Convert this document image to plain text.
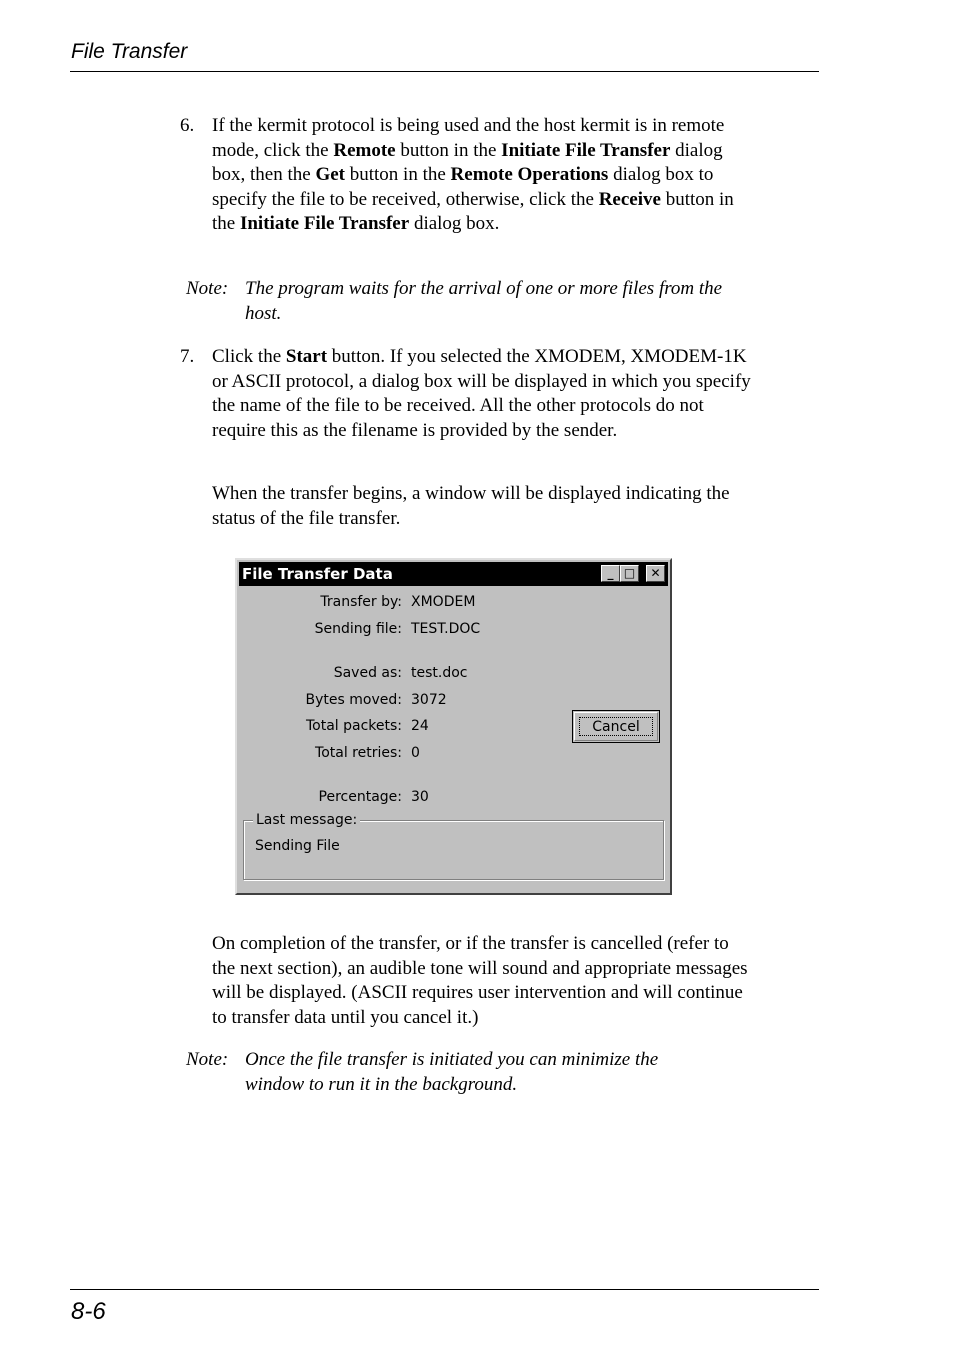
File Transfer
6. If the kermit protocol is being used and the host kermit is in remote mode, click the Remote button in the Initiate File Transfer dialog box, then the Get button in the Remote Operations dialog box to specify the file to be received, otherwise, click the Receive button in the Initiate File Transfer dialog box.
Note: The program waits for the arrival of one or more files from the host.
7. Click the Start button. If you selected the XMODEM, XMODEM-1K or ASCII protocol, a dialog box will be displayed in which you specify the name of the file to be received. All the other protocols do not require this as the filename is provided by the sender.
When the transfer begins, a window will be displayed indicating the status of the file transfer.
File Transfer Data	_ □	✕
Transfer by: XMODEM
Sending file: TEST.DOC
Saved as: test.doc
Bytes moved: 3072
Total packets: 24
Total retries: 0
Percentage: 30
Cancel
Last message:
Sending File
On completion of the transfer, or if the transfer is cancelled (refer to the next section), an audible tone will sound and appropriate messages will be displayed. (ASCII requires user intervention and will continue to transfer data until you cancel it.)
Note: Once the file transfer is initiated you can minimize the window to run it in the background.
8-6
